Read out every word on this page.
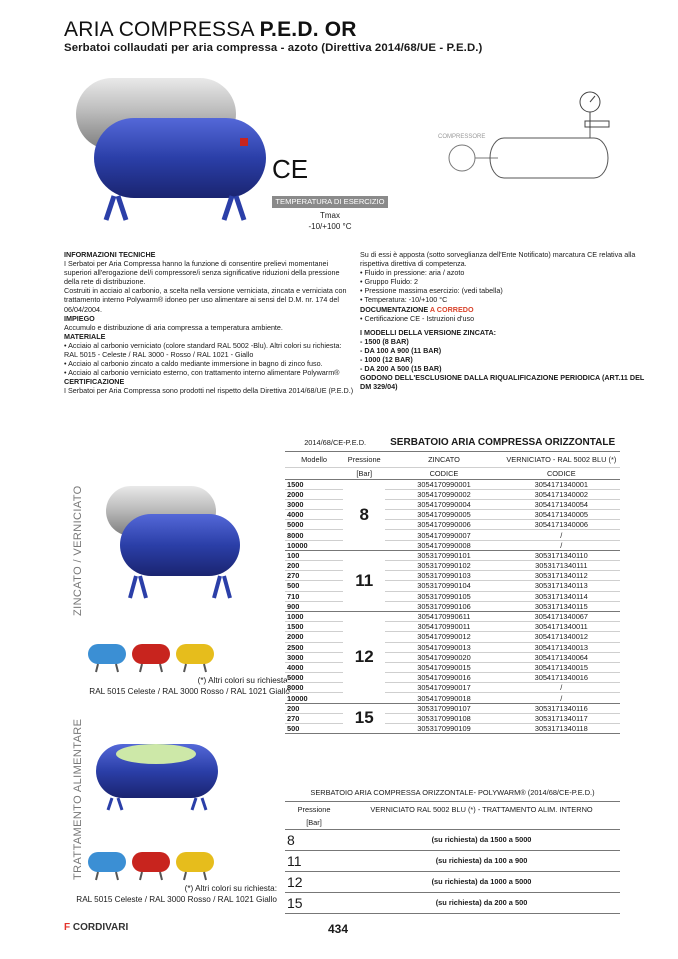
ARIA COMPRESSA P.E.D. OR
Serbatoi collaudati per aria compressa - azoto (Direttiva 2014/68/UE - P.E.D.)
CE
TEMPERATURA DI ESERCIZIO
Tmax
-10/+100 °C
COMPRESSORE

INFORMAZIONI TECNICHE

I Serbatoi per Aria Compressa hanno la funzione di consentire prelievi momentanei superiori all'erogazione del/i compressore/i senza significative riduzioni della pressione della rete di distribuzione.

Costruiti in acciaio al carbonio, a scelta nella versione verniciata, zincata e verniciata con trattamento interno Polywarm® idoneo per uso alimentare ai sensi del D.M. nr. 174 del 06/04/2004.

IMPIEGO

Accumulo e distribuzione di aria compressa a temperatura ambiente.

MATERIALE

• Acciaio al carbonio verniciato (colore standard RAL 5002 -Blu). Altri colori su richiesta: RAL 5015 - Celeste / RAL 3000 - Rosso / RAL 1021 - Giallo

• Acciaio al carbonio zincato a caldo mediante immersione in bagno di zinco fuso.

• Acciaio al carbonio verniciato esterno, con trattamento interno alimentare Polywarm®

CERTIFICAZIONE

I Serbatoi per Aria Compressa sono prodotti nel rispetto della Direttiva 2014/68/UE (P.E.D.)

Su di essi è apposta (sotto sorveglianza dell'Ente Notificato) marcatura CE relativa alla rispettiva direttiva di competenza.

• Fluido in pressione: aria / azoto

• Gruppo Fluido: 2

• Pressione massima esercizio: (vedi tabella)

• Temperatura: -10/+100 °C

DOCUMENTAZIONE A CORREDO

• Certificazione CE - Istruzioni d'uso

I MODELLI DELLA VERSIONE ZINCATA:

- 1500 (8 BAR)

- DA 100 A 900 (11 BAR)

- 1000 (12 BAR)

- DA 200 A 500 (15 BAR)

GODONO DELL'ESCLUSIONE DALLA RIQUALIFICAZIONE PERIODICA (ART.11 DEL DM 329/04)

ZINCATO / VERNICIATO
TRATTAMENTO ALIMENTARE
(*) Altri colori su richiesta:
RAL 5015 Celeste / RAL 3000 Rosso / RAL 1021 Giallo
2014/68/CE-P.E.D.		SERBATOIO ARIA COMPRESSA ORIZZONTALE	
Modello	Pressione	ZINCATO	VERNICIATO - RAL 5002 BLU (*)
	[Bar]	CODICE	CODICE
1500	8	3054170990001	3054171340001
2000		3054170990002	3054171340002
3000		3054170990004	3054171340054
4000		3054170990005	3054171340005
5000		3054170990006	3054171340006
8000		3054170990007	/
10000		3054170990008	/
100	11	3053170990101	3053171340110
200		3053170990102	3053171340111
270		3053170990103	3053171340112
500		3053170990104	3053171340113
710		3053170990105	3053171340114
900		3053170990106	3053171340115
1000	12	3054170990611	3054171340067
1500		3054170990011	3054171340011
2000		3054170990012	3054171340012
2500		3054170990013	3054171340013
3000		3054170990020	3054171340064
4000		3054170990015	3054171340015
5000		3054170990016	3054171340016
8000		3054170990017	/
10000		3054170990018	/
200	15	3053170990107	3053171340116
270		3053170990108	3053171340117
500		3053170990109	3053171340118
(*) Altri colori su richiesta:
RAL 5015 Celeste / RAL 3000 Rosso / RAL 1021 Giallo
SERBATOIO ARIA COMPRESSA ORIZZONTALE- POLYWARM® (2014/68/CE-P.E.D.)	
Pressione	VERNICIATO RAL 5002 BLU (*) - TRATTAMENTO ALIM. INTERNO
[Bar]	
8	(su richiesta) da 1500 a 5000
11	(su richiesta) da 100 a 900
12	(su richiesta) da 1000 a 5000
15	(su richiesta) da 200 a 500
F CORDIVARI	434
